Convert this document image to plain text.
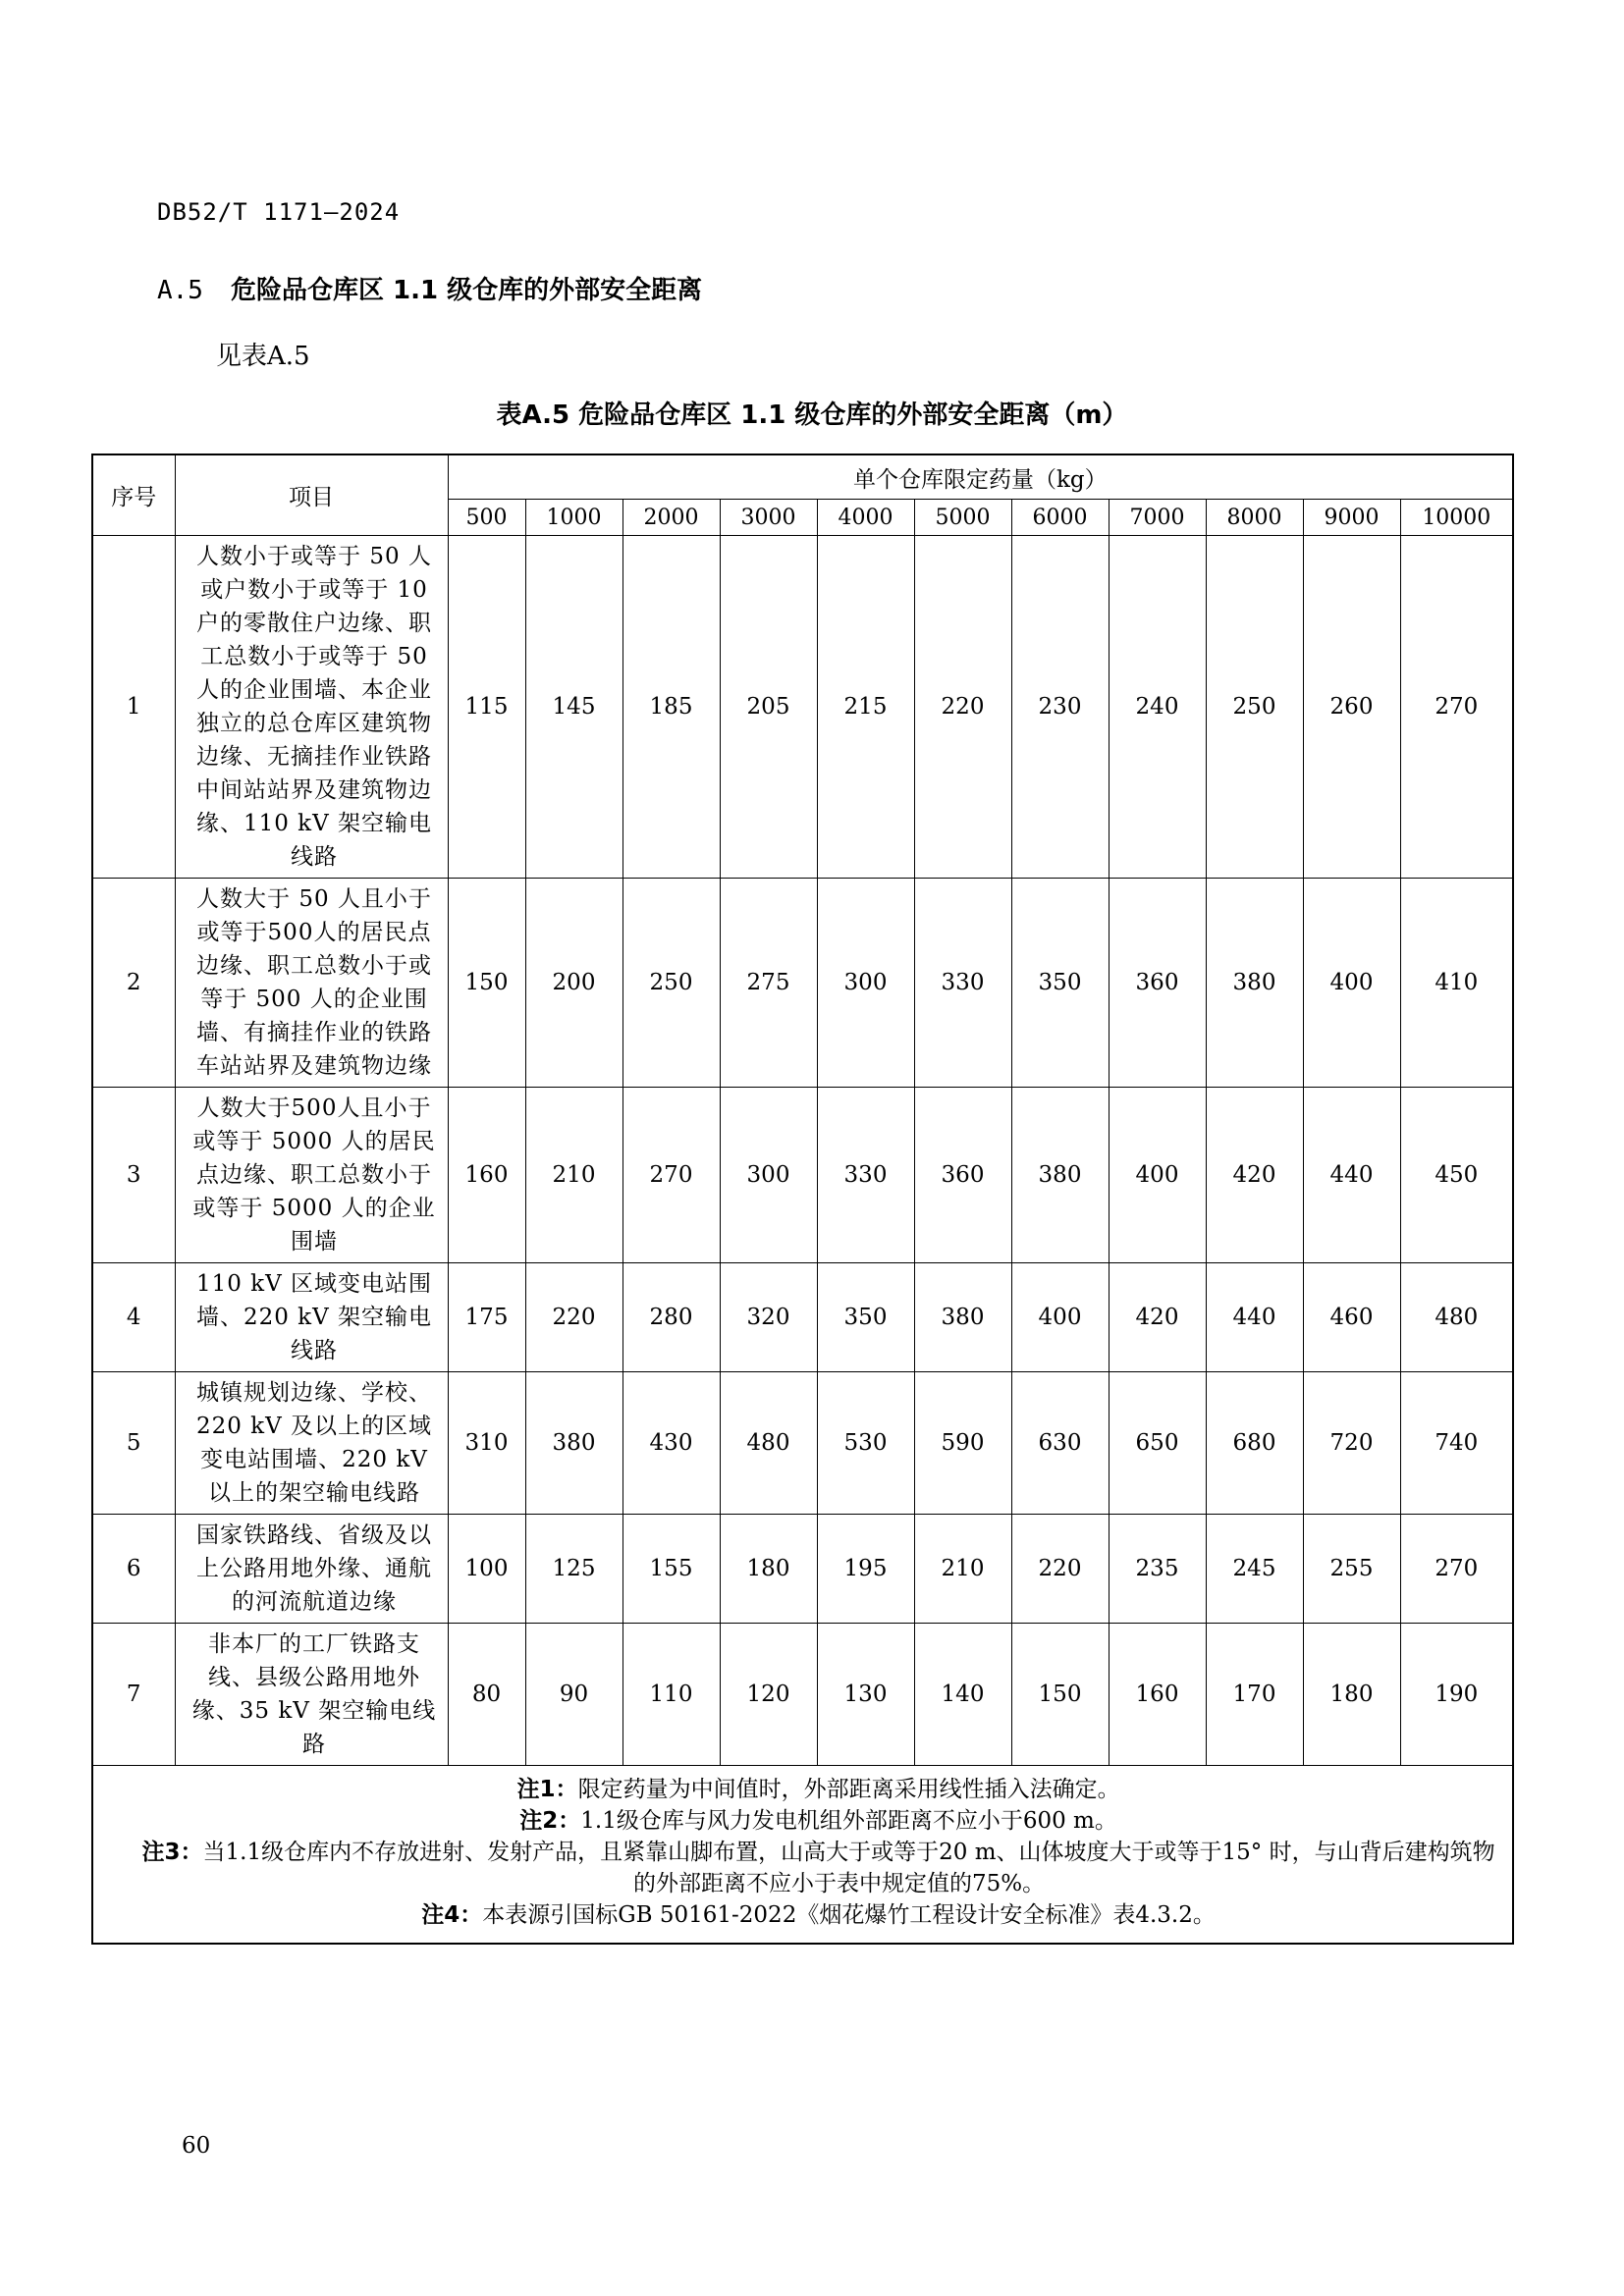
DB52/T 1171—2024
A.5 危险品仓库区 1.1 级仓库的外部安全距离
见表A.5
表A.5 危险品仓库区 1.1 级仓库的外部安全距离（m）
序号	项目	单个仓库限定药量（kg）										
		500	1000	2000	3000	4000	5000	6000	7000	8000	9000	10000
1	人数小于或等于 50 人或户数小于或等于 10 户的零散住户边缘、职工总数小于或等于 50 人的企业围墙、本企业独立的总仓库区建筑物边缘、无摘挂作业铁路中间站站界及建筑物边缘、110 kV 架空输电线路	115	145	185	205	215	220	230	240	250	260	270
2	人数大于 50 人且小于或等于500人的居民点边缘、职工总数小于或等于 500 人的企业围墙、有摘挂作业的铁路车站站界及建筑物边缘	150	200	250	275	300	330	350	360	380	400	410
3	人数大于500人且小于或等于 5000 人的居民点边缘、职工总数小于或等于 5000 人的企业围墙	160	210	270	300	330	360	380	400	420	440	450
4	110 kV 区域变电站围墙、220 kV 架空输电线路	175	220	280	320	350	380	400	420	440	460	480
5	城镇规划边缘、学校、220 kV 及以上的区域变电站围墙、220 kV 以上的架空输电线路	310	380	430	480	530	590	630	650	680	720	740
6	国家铁路线、省级及以上公路用地外缘、通航的河流航道边缘	100	125	155	180	195	210	220	235	245	255	270
7	非本厂的工厂铁路支线、县级公路用地外缘、35 kV 架空输电线路	80	90	110	120	130	140	150	160	170	180	190

注1：限定药量为中间值时，外部距离采用线性插入法确定。
注2：1.1级仓库与风力发电机组外部距离不应小于600 m。
注3：当1.1级仓库内不存放进射、发射产品，且紧靠山脚布置，山高大于或等于20 m、山体坡度大于或等于15° 时，与山背后建构筑物的外部距离不应小于表中规定值的75%。
注4：本表源引国标GB 50161-2022《烟花爆竹工程设计安全标准》表4.3.2。												
60
